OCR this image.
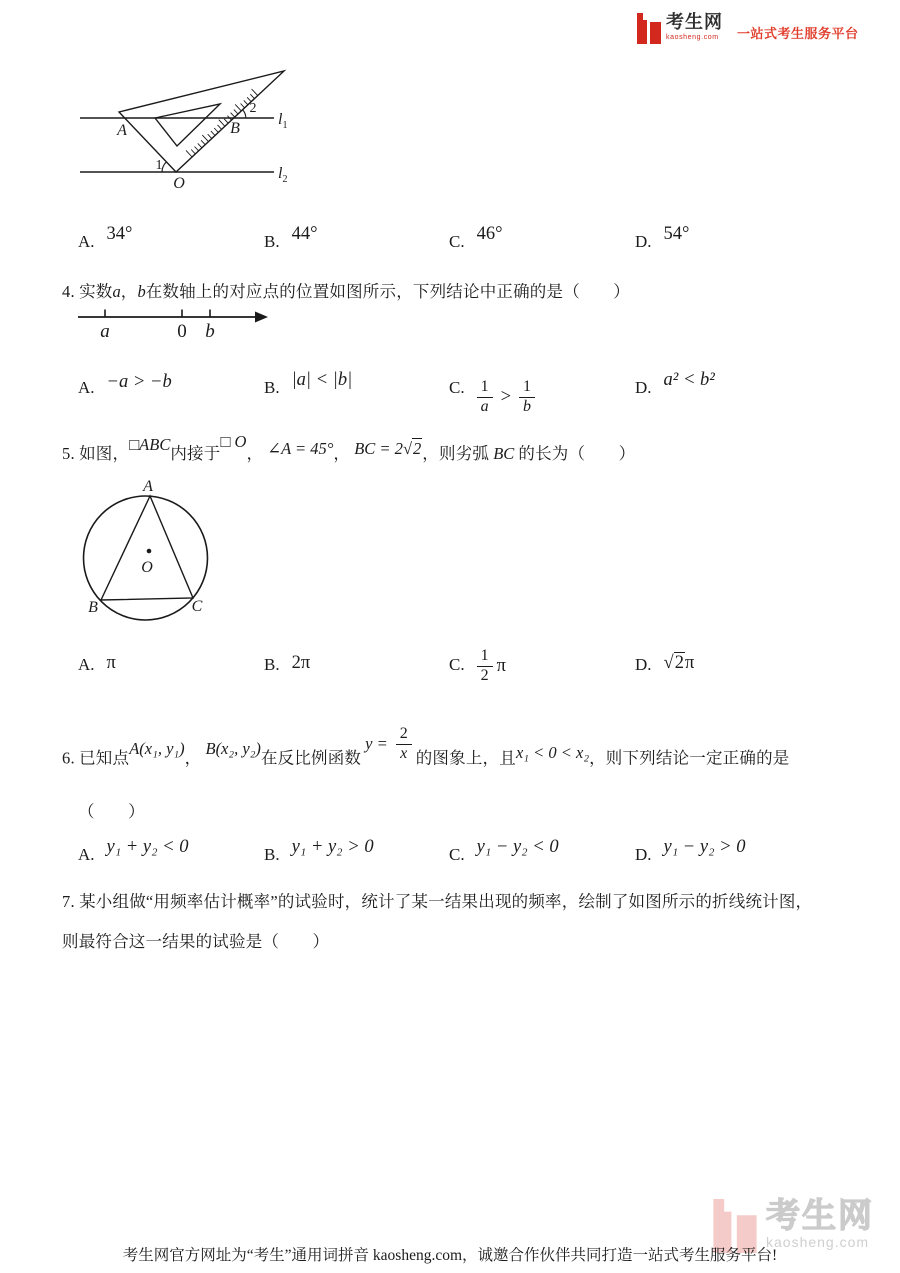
考生网
kaosheng.com	一站式考生服务平台
A	B
O
1
2
$l_1$
$l_2$
A. 34°	B. 44°	C. 46°	D. 54°
4. 实数a，b在数轴上的对应点的位置如图所示，下列结论中正确的是（　　）
a	0 b
A. −a > −b	B. |a| < |b|	C. $\frac{1}{a} > \frac{1}{b}$	D. a² < b²
5. 如图，□ABC内接于□ O， ∠A = 45°， BC = 2√2，则劣弧 BC 的长为（　　）
A
B	C
O
A. π	B. 2π	C. $\frac{1}{2}$ π	D. √2π
6. 已知点A(x₁, y₁)， B(x₂, y₂)在反比例函数
$y = \frac{2}{x}$ 的图象上，且x₁ < 0 < x₂，则下列结论一定正确的是
（　　）
A. y₁ + y₂ < 0	B. y₁ + y₂ > 0	C. y₁ − y₂ < 0	D. y₁ − y₂ > 0
7. 某小组做“用频率估计概率”的试验时，统计了某一结果出现的频率，绘制了如图所示的折线统计图，
则最符合这一结果的试验是（　　）
考生网
kaosheng.com
考生网官方网址为“考生”通用词拼音 kaosheng.com，诚邀合作伙伴共同打造一站式考生服务平台!
